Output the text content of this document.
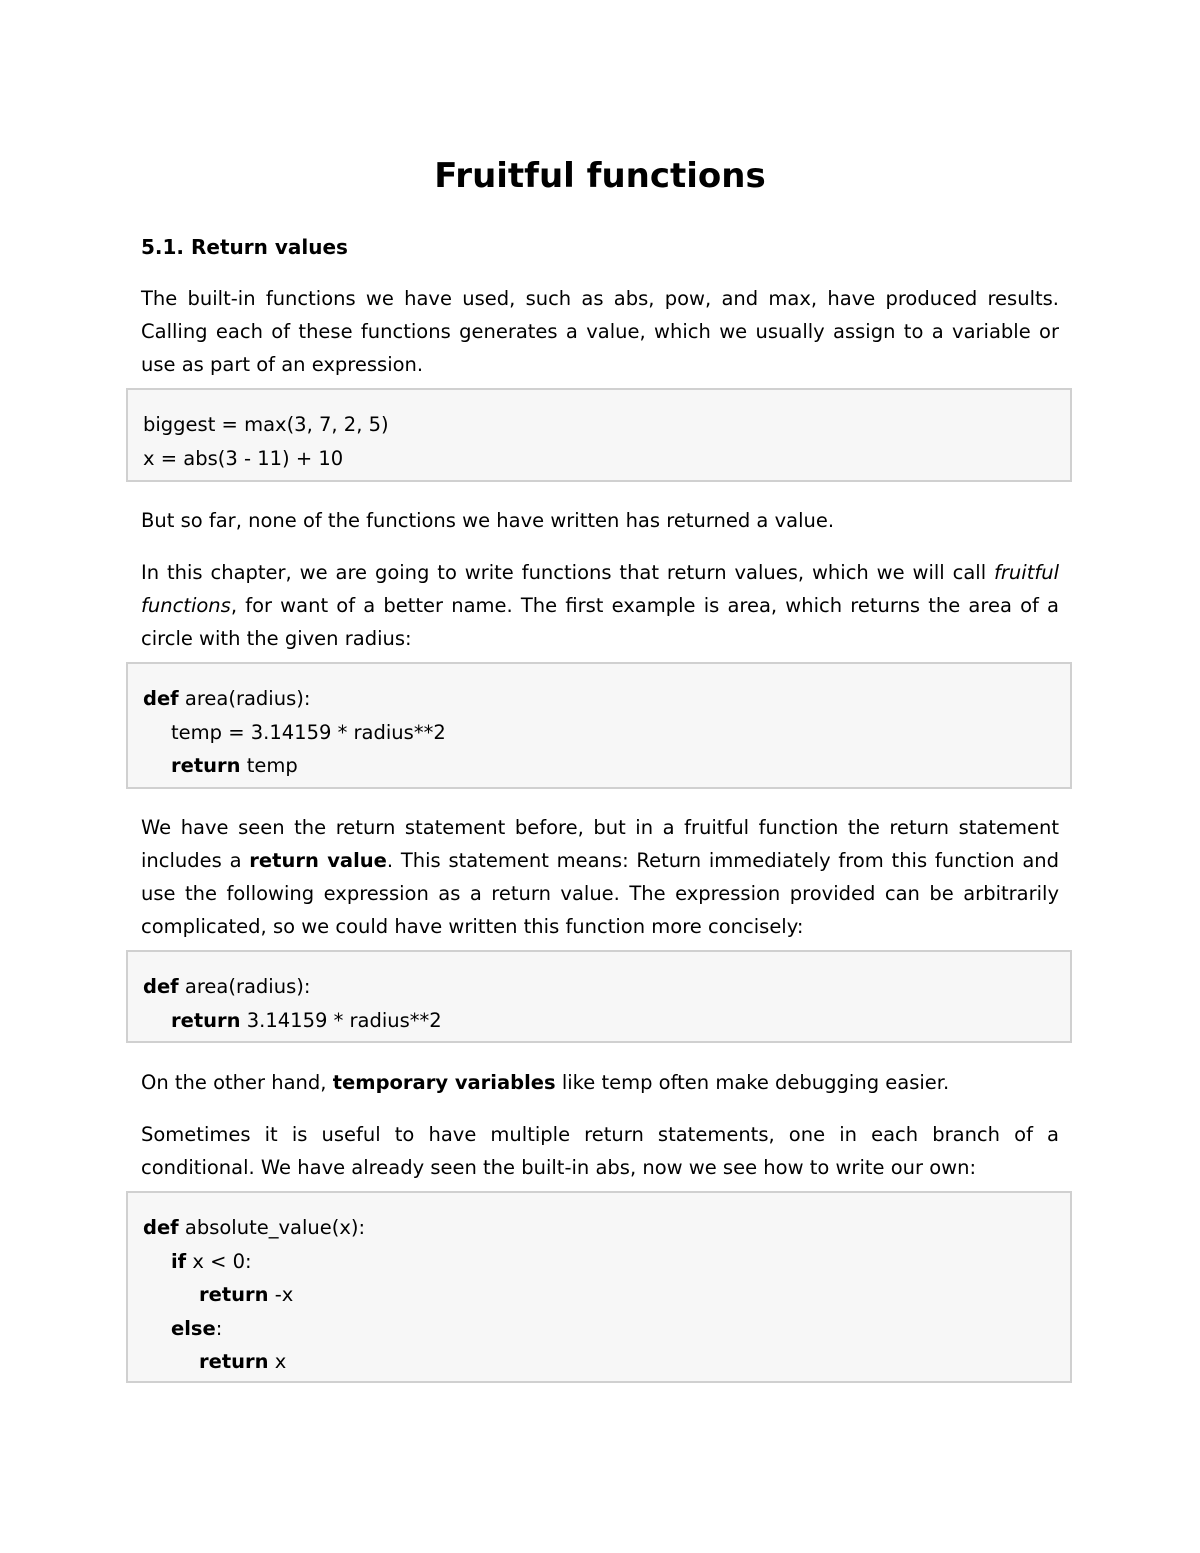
Fruitful functions
5.1. Return values

The built-in functions we have used, such as abs, pow, and max, have produced results. Calling each of these functions generates a value, which we usually assign to a variable or use as part of an expression.

biggest = max(3, 7, 2, 5)
x = abs(3 - 11) + 10

But so far, none of the functions we have written has returned a value.

In this chapter, we are going to write functions that return values, which we will call fruitful functions, for want of a better name. The first example is area, which returns the area of a circle with the given radius:

def area(radius):
temp = 3.14159 * radius**2
return temp

We have seen the return statement before, but in a fruitful function the return statement includes a return value. This statement means: Return immediately from this function and use the following expression as a return value. The expression provided can be arbitrarily complicated, so we could have written this function more concisely:

def area(radius):
return 3.14159 * radius**2

On the other hand, temporary variables like temp often make debugging easier.

Sometimes it is useful to have multiple return statements, one in each branch of a conditional. We have already seen the built-in abs, now we see how to write our own:

def absolute_value(x):
if x < 0:
return -x
else:
return x
